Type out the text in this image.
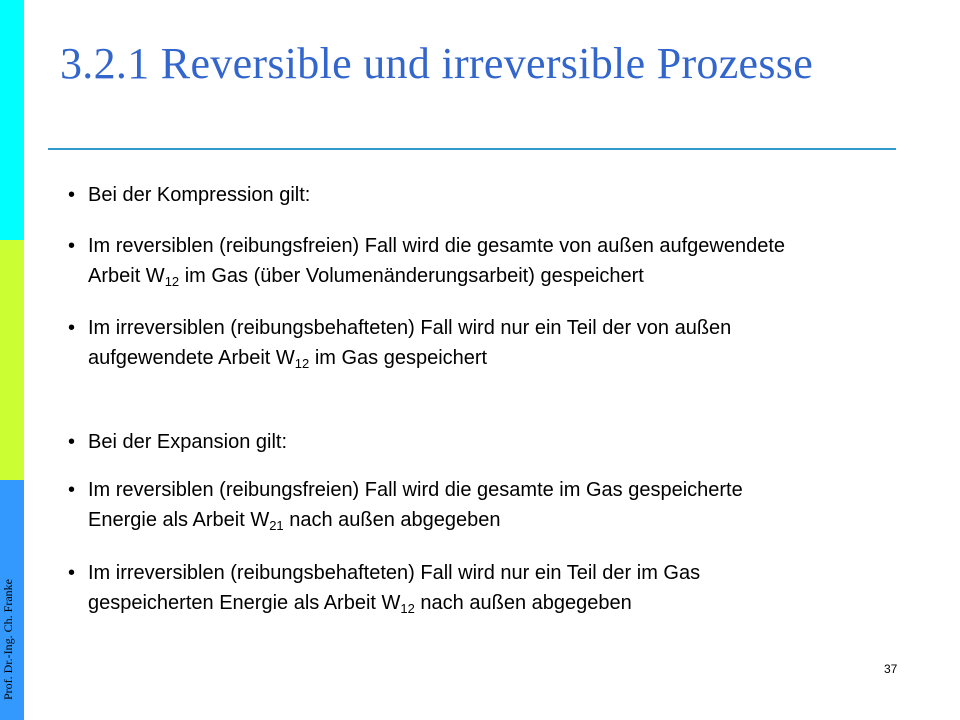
Prof. Dr.-Ing. Ch. Franke
3.2.1 Reversible und irreversible Prozesse
• Bei der Kompression gilt:
• Im reversiblen (reibungsfreien) Fall wird die gesamte von außen aufgewendete
Arbeit $W_{12}$ im Gas (über Volumenänderungsarbeit) gespeichert
• Im irreversiblen (reibungsbehafteten) Fall wird nur ein Teil der von außen
aufgewendete Arbeit $W_{12}$ im Gas gespeichert
• Bei der Expansion gilt:
• Im reversiblen (reibungsfreien) Fall wird die gesamte im Gas gespeicherte
Energie als Arbeit $W_{21}$ nach außen abgegeben
• Im irreversiblen (reibungsbehafteten) Fall wird nur ein Teil der im Gas
gespeicherten Energie als Arbeit $W_{12}$ nach außen abgegeben
37
